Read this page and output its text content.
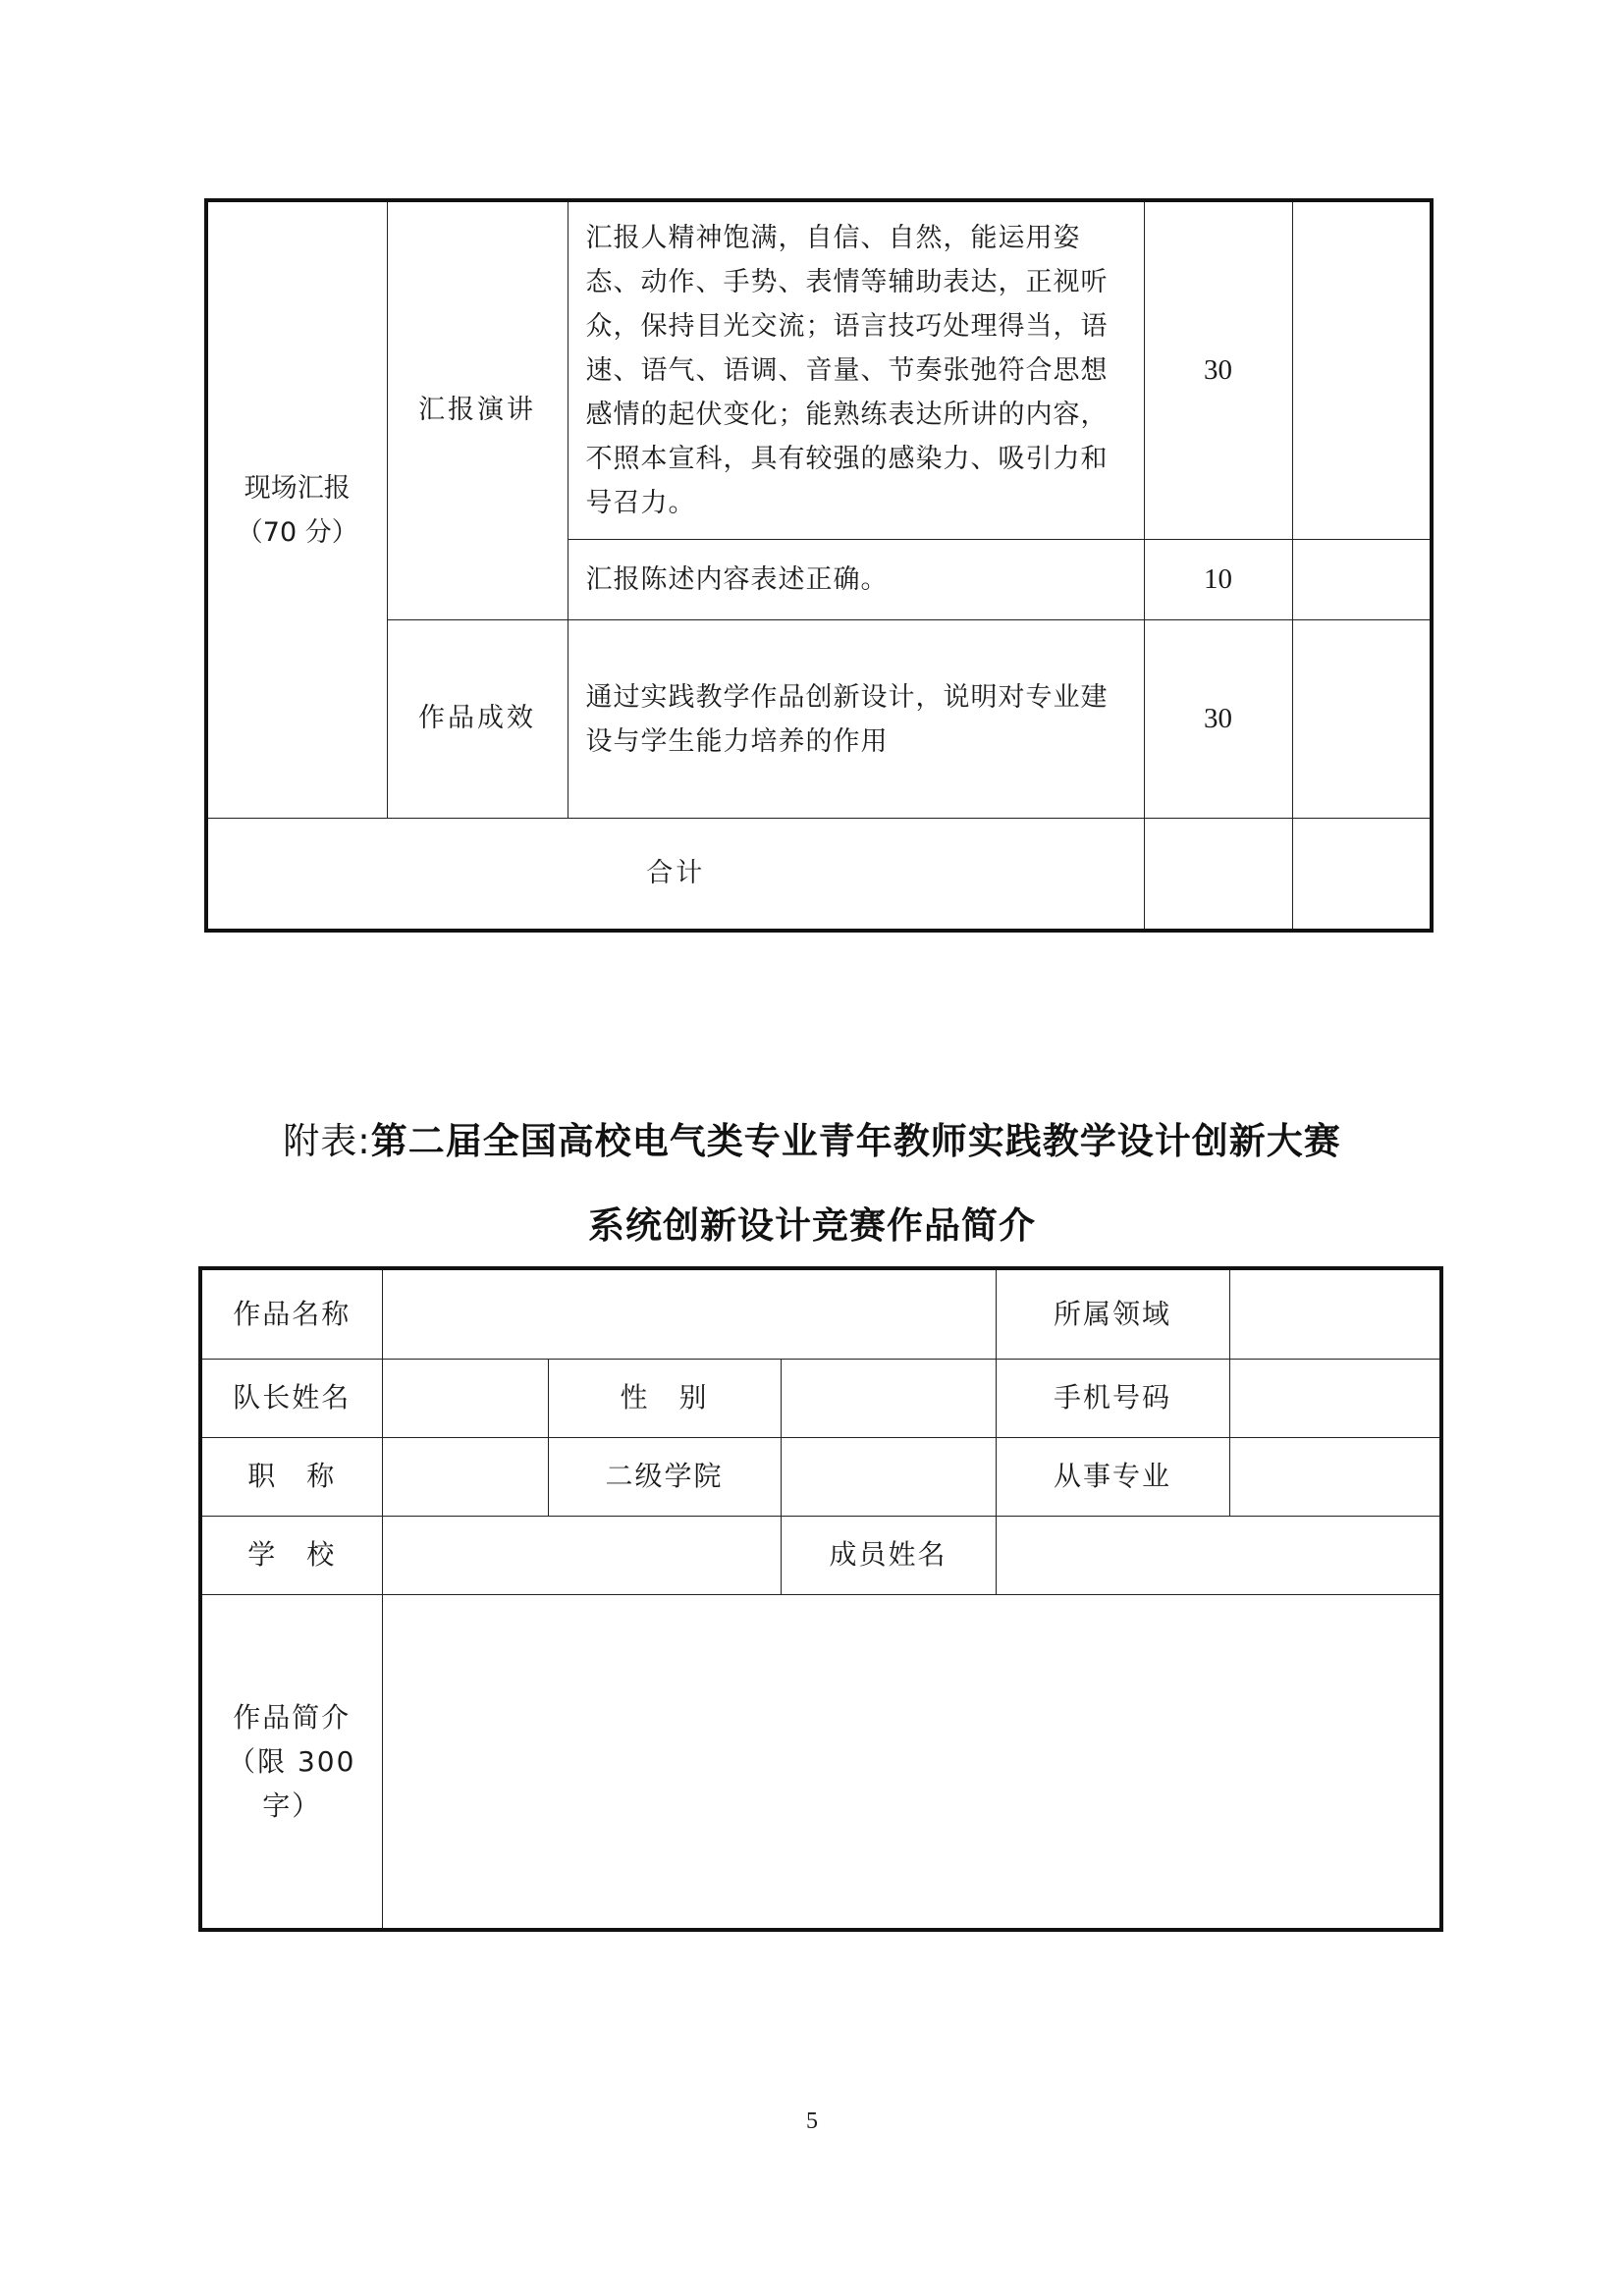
现场汇报
（70 分）	汇报演讲	汇报人精神饱满，自信、自然，能运用姿态、动作、手势、表情等辅助表达，正视听众，保持目光交流；语言技巧处理得当，语速、语气、语调、音量、节奏张弛符合思想感情的起伏变化；能熟练表达所讲的内容，不照本宣科，具有较强的感染力、吸引力和号召力。	30	
		汇报陈述内容表述正确。	10	
	作品成效	通过实践教学作品创新设计，说明对专业建设与学生能力培养的作用	30	
合计				
附表:第二届全国高校电气类专业青年教师实践教学设计创新大赛
系统创新设计竞赛作品简介
作品名称				所属领域	
队长姓名		性　别		手机号码	
职　称		二级学院		从事专业	
学　校			成员姓名		

作品简介
（限 300 字）					

5
